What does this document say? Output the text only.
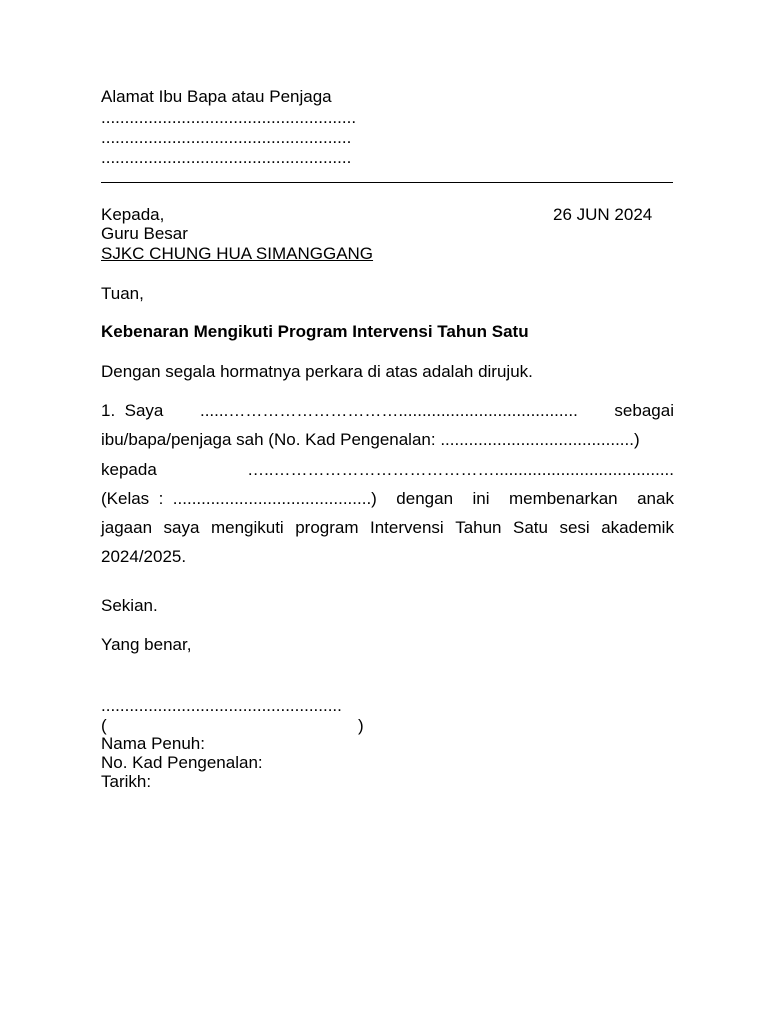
Alamat Ibu Bapa atau Penjaga
......................................................
.....................................................
.....................................................
Kepada,	26 JUN 2024
Guru Besar
SJKC CHUNG HUA SIMANGGANG
Tuan,
Kebenaran Mengikuti Program Intervensi Tahun Satu
Dengan segala hormatnya perkara di atas adalah dirujuk.
1.  Saya ......…………………………...................................... sebagai
ibu/bapa/penjaga sah (No. Kad Pengenalan: .........................................)
kepada	…..…………………………………......................................
(Kelas  :  ..........................................) dengan ini membenarkan anak
jagaan saya mengikuti program Intervensi Tahun Satu sesi akademik
2024/2025.
Sekian.
Yang benar,
...................................................
(	)
Nama Penuh:
No. Kad Pengenalan:
Tarikh:
